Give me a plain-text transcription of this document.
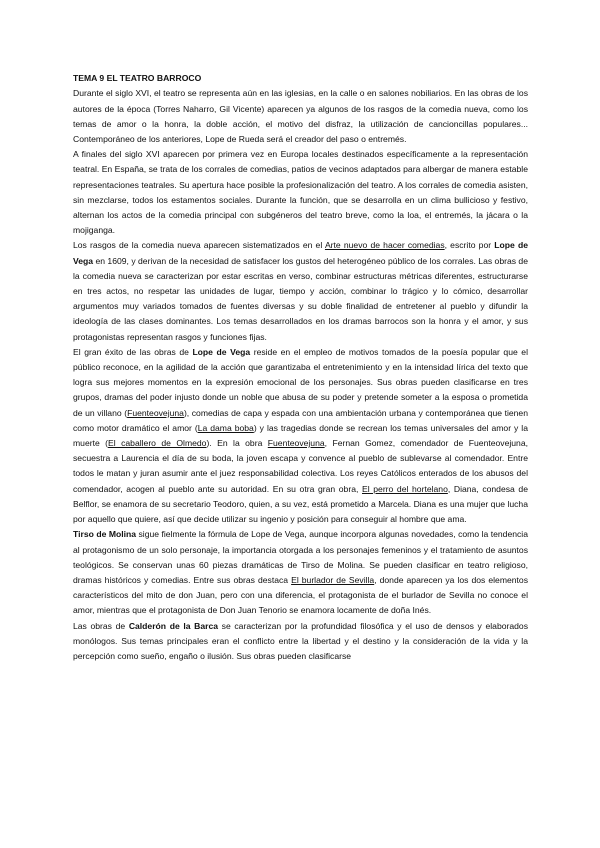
TEMA 9 EL TEATRO BARROCO

Durante el siglo XVI, el teatro se representa aún en las iglesias, en la calle o en salones nobiliarios. En las obras de los autores de la época (Torres Naharro, Gil Vicente) aparecen ya algunos de los rasgos de la comedia nueva, como los temas de amor o la honra, la doble acción, el motivo del disfraz, la utilización de cancioncillas populares... Contemporáneo de los anteriores, Lope de Rueda será el creador del paso o entremés.

A finales del siglo XVI aparecen por primera vez en Europa locales destinados específicamente a la representación teatral. En España, se trata de los corrales de comedias, patios de vecinos adaptados para albergar de manera estable representaciones teatrales. Su apertura hace posible la profesionalización del teatro. A los corrales de comedia asisten, sin mezclarse, todos los estamentos sociales. Durante la función, que se desarrolla en un clima bullicioso y festivo, alternan los actos de la comedia principal con subgéneros del teatro breve, como la loa, el entremés, la jácara o la mojiganga.

Los rasgos de la comedia nueva aparecen sistematizados en el Arte nuevo de hacer comedias, escrito por Lope de Vega en 1609, y derivan de la necesidad de satisfacer los gustos del heterogéneo público de los corrales. Las obras de la comedia nueva se caracterizan por estar escritas en verso, combinar estructuras métricas diferentes, estructurarse en tres actos, no respetar las unidades de lugar, tiempo y acción, combinar lo trágico y lo cómico, desarrollar argumentos muy variados tomados de fuentes diversas y su doble finalidad de entretener al pueblo y difundir la ideología de las clases dominantes. Los temas desarrollados en los dramas barrocos son la honra y el amor, y sus protagonistas representan rasgos y funciones fijas.

El gran éxito de las obras de Lope de Vega reside en el empleo de motivos tomados de la poesía popular que el público reconoce, en la agilidad de la acción que garantizaba el entretenimiento y en la intensidad lírica del texto que logra sus mejores momentos en la expresión emocional de los personajes. Sus obras pueden clasificarse en tres grupos, dramas del poder injusto donde un noble que abusa de su poder y pretende someter a la esposa o prometida de un villano (Fuenteovejuna), comedias de capa y espada con una ambientación urbana y contemporánea que tienen como motor dramático el amor (La dama boba) y las tragedias donde se recrean los temas universales del amor y la muerte (El caballero de Olmedo). En la obra Fuenteovejuna, Fernan Gomez, comendador de Fuenteovejuna, secuestra a Laurencia el día de su boda, la joven escapa y convence al pueblo de sublevarse al comendador. Entre todos le matan y juran asumir ante el juez responsabilidad colectiva. Los reyes Católicos enterados de los abusos del comendador, acogen al pueblo ante su autoridad. En su otra gran obra, El perro del hortelano, Diana, condesa de Belflor, se enamora de su secretario Teodoro, quien, a su vez, está prometido a Marcela. Diana es una mujer que lucha por aquello que quiere, así que decide utilizar su ingenio y posición para conseguir al hombre que ama.

Tirso de Molina sigue fielmente la fórmula de Lope de Vega, aunque incorpora algunas novedades, como la tendencia al protagonismo de un solo personaje, la importancia otorgada a los personajes femeninos y el tratamiento de asuntos teológicos. Se conservan unas 60 piezas dramáticas de Tirso de Molina. Se pueden clasificar en teatro religioso, dramas históricos y comedias. Entre sus obras destaca El burlador de Sevilla, donde aparecen ya los dos elementos característicos del mito de don Juan, pero con una diferencia, el protagonista de el burlador de Sevilla no conoce el amor, mientras que el protagonista de Don Juan Tenorio se enamora locamente de doña Inés.

Las obras de Calderón de la Barca se caracterizan por la profundidad filosófica y el uso de densos y elaborados monólogos. Sus temas principales eran el conflicto entre la libertad y el destino y la consideración de la vida y la percepción como sueño, engaño o ilusión. Sus obras pueden clasificarse
